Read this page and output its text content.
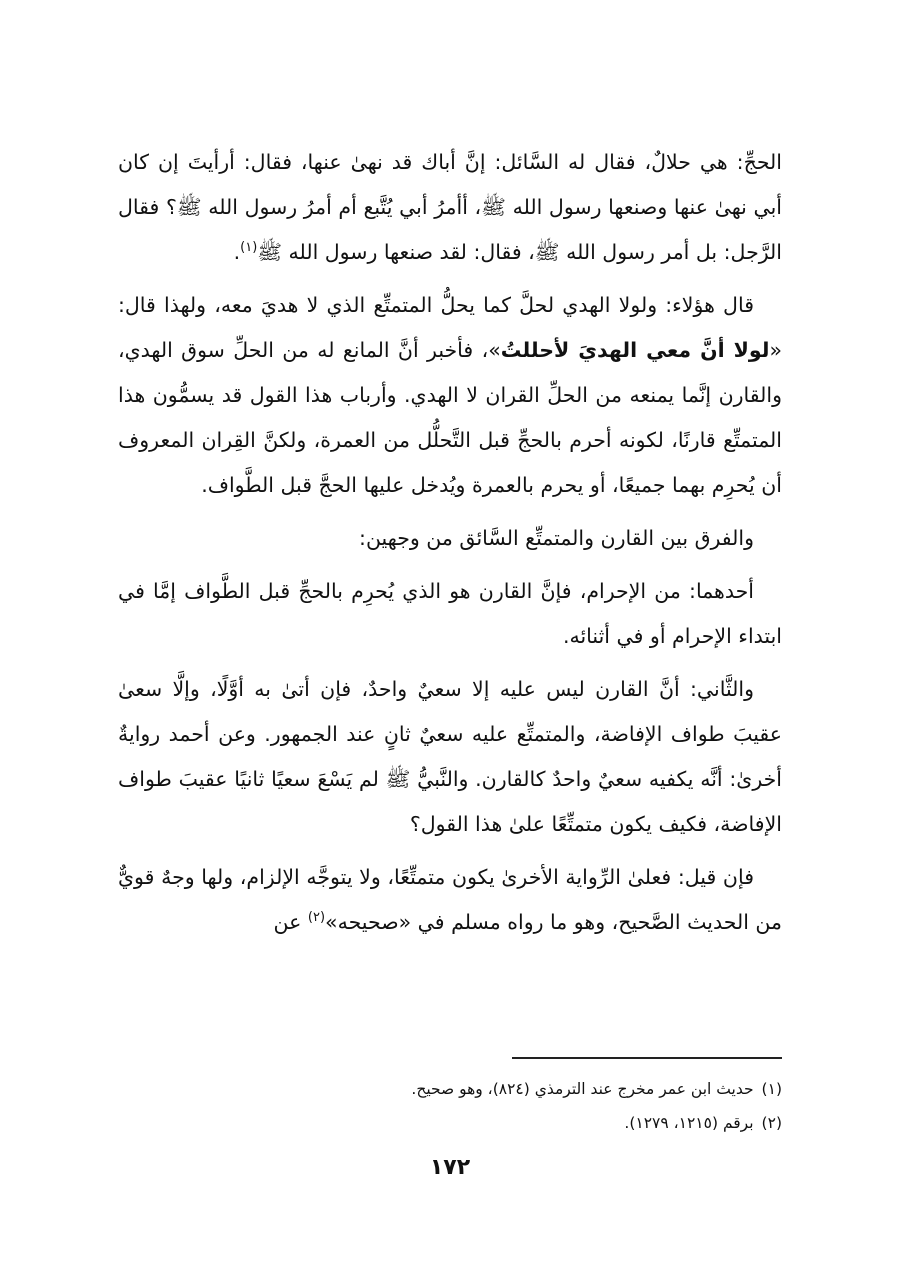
الحجِّ: هي حلالٌ، فقال له السَّائل: إنَّ أباك قد نهىٰ عنها، فقال: أرأيتَ إن كان أبي نهىٰ عنها وصنعها رسول الله ﷺ، أأمرُ أبي يُتَّبع أم أمرُ رسول الله ﷺ؟ فقال الرَّجل: بل أمر رسول الله ﷺ، فقال: لقد صنعها رسول الله ﷺ$^{(١)}$.

قال هؤلاء: ولولا الهدي لحلَّ كما يحلُّ المتمتِّع الذي لا هديَ معه، ولهذا قال: «لولا أنَّ معي الهديَ لأحللتُ»، فأخبر أنَّ المانع له من الحلِّ سوق الهدي، والقارن إنَّما يمنعه من الحلِّ القران لا الهدي. وأرباب هذا القول قد يسمُّون هذا المتمتِّع قارنًا، لكونه أحرم بالحجِّ قبل التَّحلُّل من العمرة، ولكنَّ القِران المعروف أن يُحرِم بهما جميعًا، أو يحرم بالعمرة ويُدخل عليها الحجَّ قبل الطَّواف.

والفرق بين القارن والمتمتِّع السَّائق من وجهين:

أحدهما: من الإحرام، فإنَّ القارن هو الذي يُحرِم بالحجِّ قبل الطَّواف إمَّا في ابتداء الإحرام أو في أثنائه.

والثَّاني: أنَّ القارن ليس عليه إلا سعيٌ واحدٌ، فإن أتىٰ به أوَّلًا، وإلَّا سعىٰ عقيبَ طواف الإفاضة، والمتمتِّع عليه سعيٌ ثانٍ عند الجمهور. وعن أحمد روايةٌ أخرىٰ: أنَّه يكفيه سعيٌ واحدٌ كالقارن. والنَّبيُّ ﷺ لم يَسْعَ سعيًا ثانيًا عقيبَ طواف الإفاضة، فكيف يكون متمتِّعًا علىٰ هذا القول؟

فإن قيل: فعلىٰ الرِّواية الأخرىٰ يكون متمتِّعًا، ولا يتوجَّه الإلزام، ولها وجهٌ قويٌّ من الحديث الصَّحيح، وهو ما رواه مسلم في «صحيحه»$^{(٢)}$ عن

(١)
حديث ابن عمر مخرج عند الترمذي (٨٢٤)، وهو صحيح.
(٢)
برقم (١٢١٥، ١٢٧٩).
١٧٢
